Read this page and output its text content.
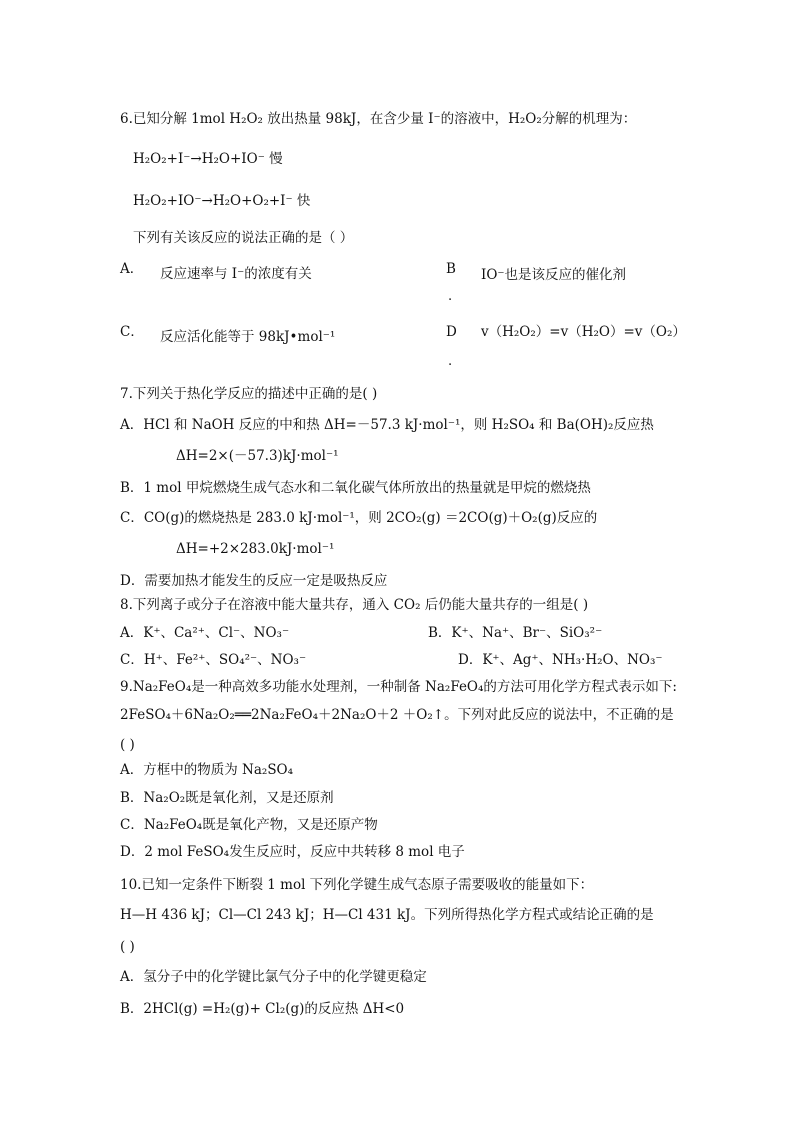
6.已知分解 1mol H₂O₂ 放出热量 98kJ，在含少量 I⁻的溶液中，H₂O₂分解的机理为：
H₂O₂+I⁻→H₂O+IO⁻ 慢
H₂O₂+IO⁻→H₂O+O₂+I⁻ 快
下列有关该反应的说法正确的是（ ）
A． 反应速率与 I⁻的浓度有关	B IO⁻也是该反应的催化剂
.
C． 反应活化能等于 98kJ•mol⁻¹	D v（H₂O₂）=v（H₂O）=v（O₂）
.
7.下列关于热化学反应的描述中正确的是( )
A．HCl 和 NaOH 反应的中和热 ΔH=－57.3 kJ·mol⁻¹，则 H₂SO₄ 和 Ba(OH)₂反应热
ΔH=2×(－57.3)kJ·mol⁻¹
B．1 mol 甲烷燃烧生成气态水和二氧化碳气体所放出的热量就是甲烷的燃烧热
C．CO(g)的燃烧热是 283.0 kJ·mol⁻¹，则 2CO₂(g) ＝2CO(g)＋O₂(g)反应的
ΔH=+2×283.0kJ·mol⁻¹
D．需要加热才能发生的反应一定是吸热反应
8.下列离子或分子在溶液中能大量共存，通入 CO₂ 后仍能大量共存的一组是( )
A．K⁺、Ca²⁺、Cl⁻、NO₃⁻	B．K⁺、Na⁺、Br⁻、SiO₃²⁻
C．H⁺、Fe²⁺、SO₄²⁻、NO₃⁻	D．K⁺、Ag⁺、NH₃·H₂O、NO₃⁻
9.Na₂FeO₄是一种高效多功能水处理剂，一种制备 Na₂FeO₄的方法可用化学方程式表示如下:
2FeSO₄＋6Na₂O₂══2Na₂FeO₄＋2Na₂O＋2 ＋O₂↑。下列对此反应的说法中，不正确的是
( )
A．方框中的物质为 Na₂SO₄
B．Na₂O₂既是氧化剂，又是还原剂
C．Na₂FeO₄既是氧化产物，又是还原产物
D．2 mol FeSO₄发生反应时，反应中共转移 8 mol 电子
10.已知一定条件下断裂 1 mol 下列化学键生成气态原子需要吸收的能量如下：
H—H 436 kJ；Cl—Cl 243 kJ；H—Cl 431 kJ。下列所得热化学方程式或结论正确的是
( )
A．氢分子中的化学键比氯气分子中的化学键更稳定
B．2HCl(g) =H₂(g)+ Cl₂(g)的反应热 ΔH<0
